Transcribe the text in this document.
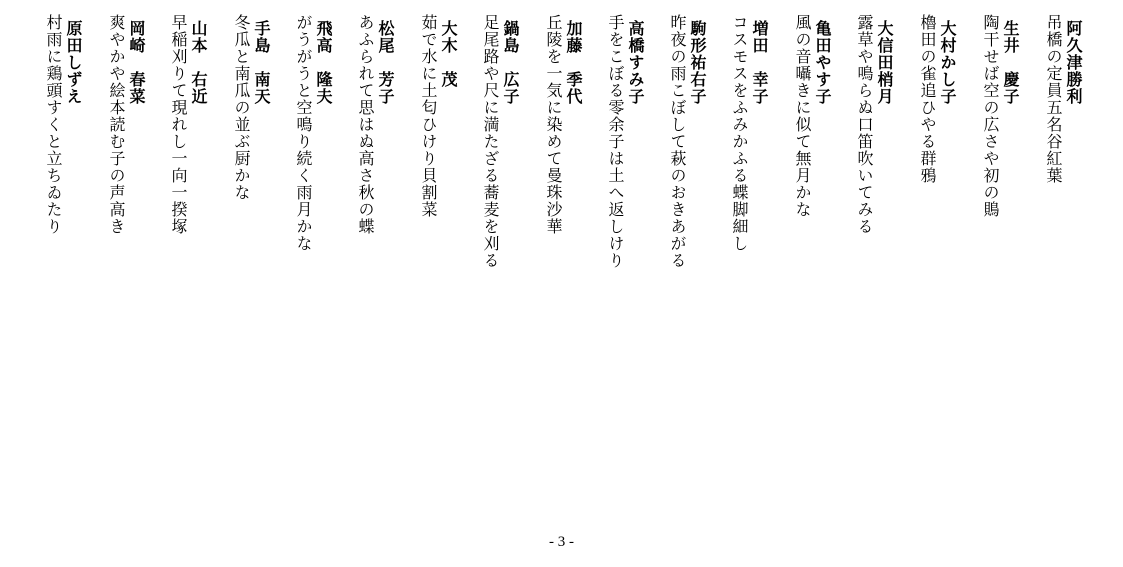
阿久津勝利
吊橋の定員五名谷紅葉
生井　慶子
陶干せば空の広さや初の鵙
大村かし子
櫓田の雀追ひやる群鴉
大信田梢月
露草や鳴らぬ口笛吹いてみる
亀田やす子
風の音囁きに似て無月かな
増田　幸子
コスモスをふみかふる蝶脚細し
駒形祐右子
昨夜の雨こぼして萩のおきあがる
高橋すみ子
手をこぼる零余子は土へ返しけり
加藤　季代
丘陵を一気に染めて曼珠沙華
鍋島　広子
足尾路や尺に満たざる蕎麦を刈る
大木　茂
茹で水に土匂ひけり貝割菜
松尾　芳子
あふられて思はぬ高さ秋の蝶
飛高　隆夫
がうがうと空鳴り続く雨月かな
手島　南天
冬瓜と南瓜の並ぶ厨かな
山本　右近
早稲刈りて現れし一向一揆塚
岡崎　春菜
爽やかや絵本読む子の声高き
原田しずえ
村雨に鶏頭すくと立ちゐたり
- 3 -
